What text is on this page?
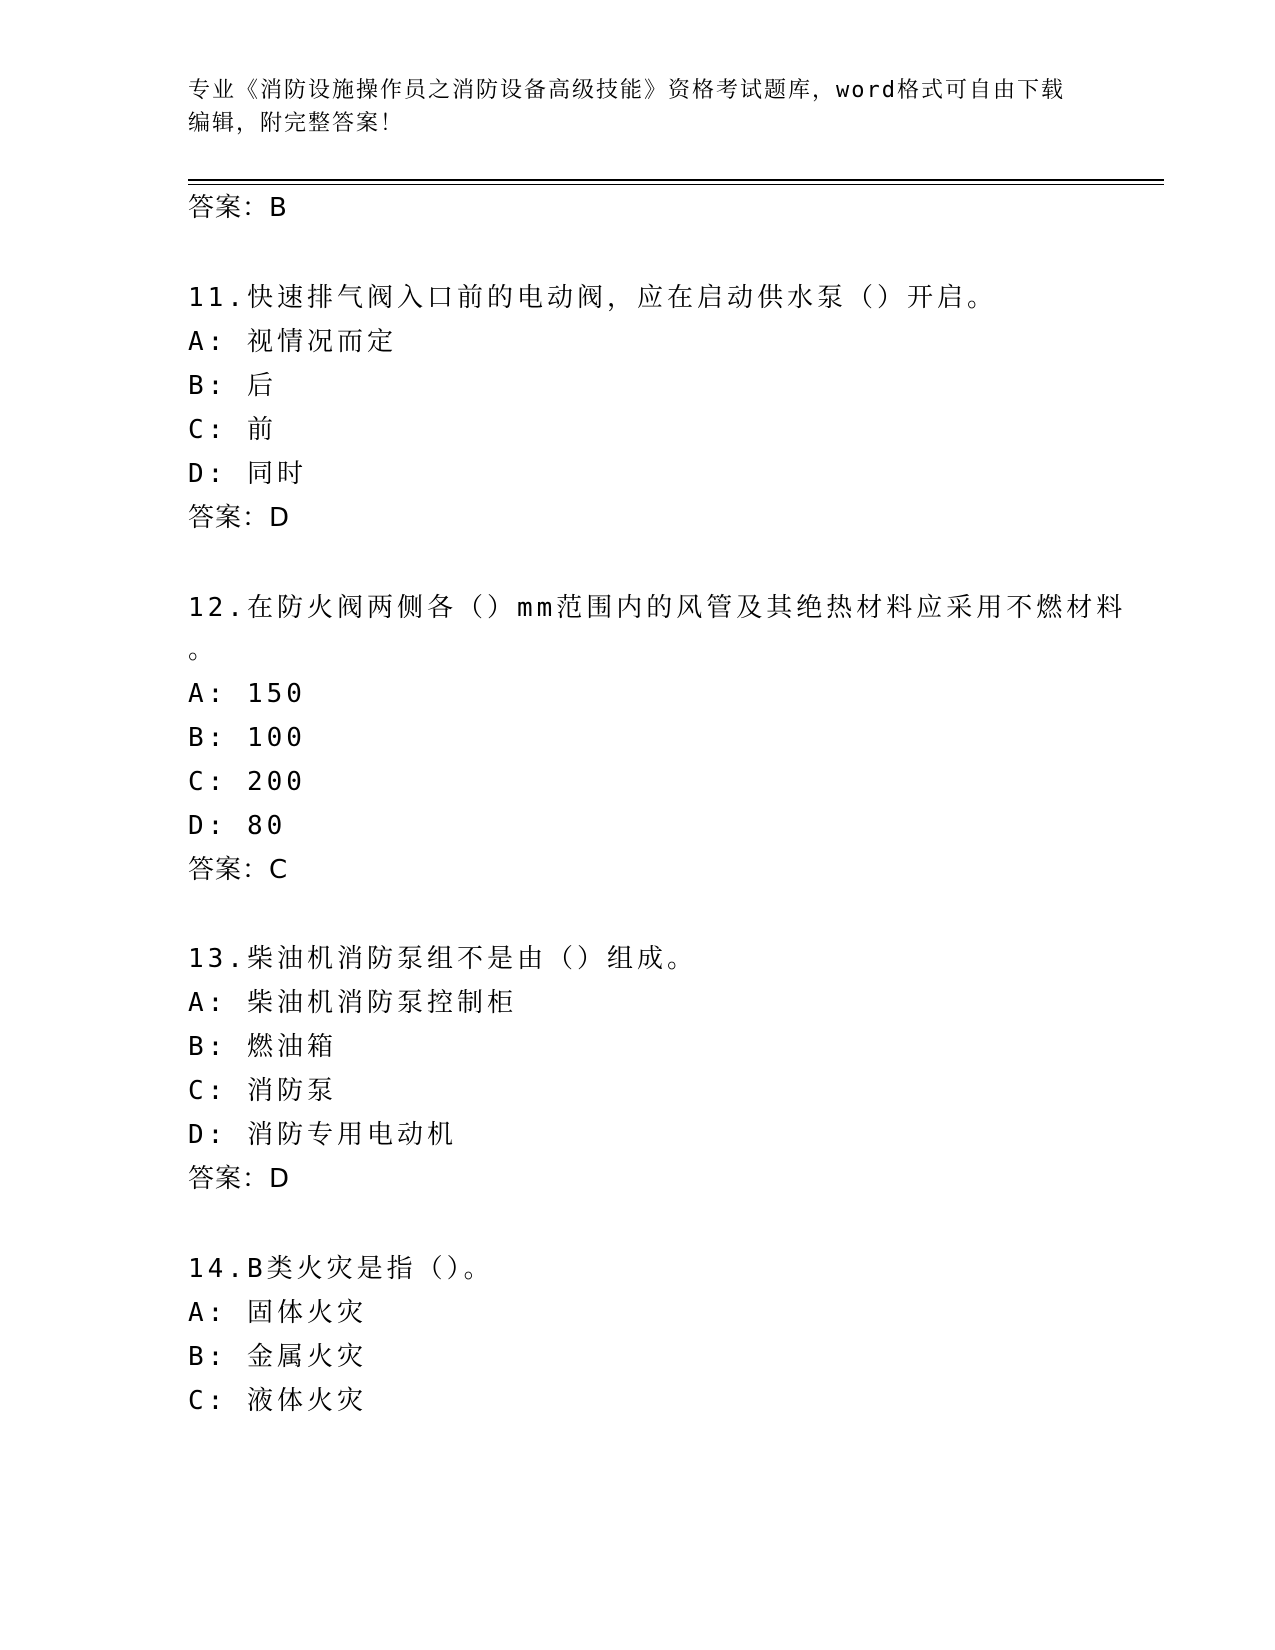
专业《消防设施操作员之消防设备高级技能》资格考试题库，word格式可自由下载编辑，附完整答案！
答案：B
11.快速排气阀入口前的电动阀，应在启动供水泵（）开启。
A: 视情况而定
B: 后
C: 前
D: 同时
答案：D
12.在防火阀两侧各（）mm范围内的风管及其绝热材料应采用不燃材料
。
A: 150
B: 100
C: 200
D: 80
答案：C
13.柴油机消防泵组不是由（）组成。
A: 柴油机消防泵控制柜
B: 燃油箱
C: 消防泵
D: 消防专用电动机
答案：D
14.B类火灾是指（）。
A: 固体火灾
B: 金属火灾
C: 液体火灾
